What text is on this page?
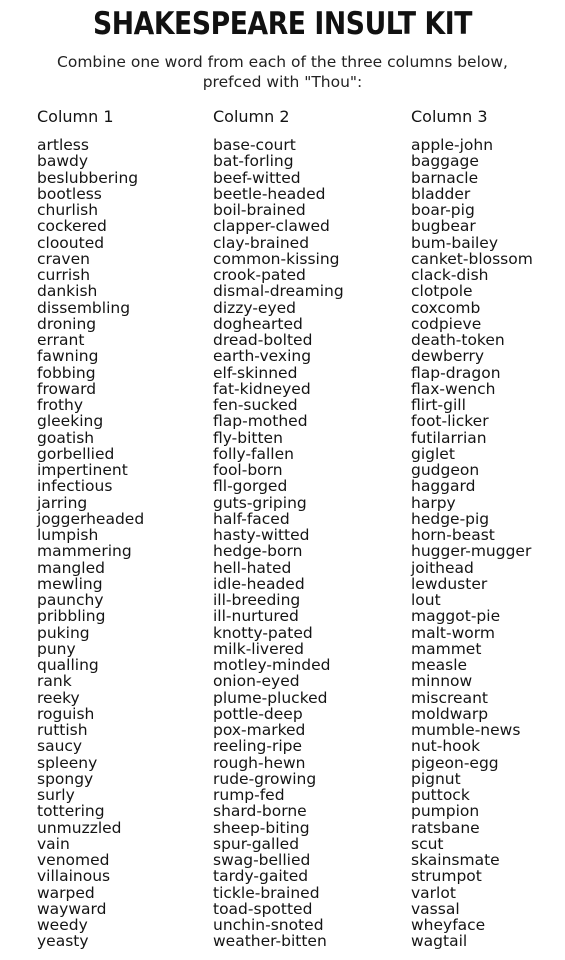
SHAKESPEARE INSULT KIT
Combine one word from each of the three columns below,
prefced with "Thou":
Column 1
artless
bawdy
beslubbering
bootless
churlish
cockered
cloouted
craven
currish
dankish
dissembling
droning
errant
fawning
fobbing
froward
frothy
gleeking
goatish
gorbellied
impertinent
infectious
jarring
joggerheaded
lumpish
mammering
mangled
mewling
paunchy
pribbling
puking
puny
qualling
rank
reeky
roguish
ruttish
saucy
spleeny
spongy
surly
tottering
unmuzzled
vain
venomed
villainous
warped
wayward
weedy
yeasty
Column 2
base-court
bat-forling
beef-witted
beetle-headed
boil-brained
clapper-clawed
clay-brained
common-kissing
crook-pated
dismal-dreaming
dizzy-eyed
doghearted
dread-bolted
earth-vexing
elf-skinned
fat-kidneyed
fen-sucked
flap-mothed
fly-bitten
folly-fallen
fool-born
fll-gorged
guts-griping
half-faced
hasty-witted
hedge-born
hell-hated
idle-headed
ill-breeding
ill-nurtured
knotty-pated
milk-livered
motley-minded
onion-eyed
plume-plucked
pottle-deep
pox-marked
reeling-ripe
rough-hewn
rude-growing
rump-fed
shard-borne
sheep-biting
spur-galled
swag-bellied
tardy-gaited
tickle-brained
toad-spotted
unchin-snoted
weather-bitten
Column 3
apple-john
baggage
barnacle
bladder
boar-pig
bugbear
bum-bailey
canket-blossom
clack-dish
clotpole
coxcomb
codpieve
death-token
dewberry
flap-dragon
flax-wench
flirt-gill
foot-licker
futilarrian
giglet
gudgeon
haggard
harpy
hedge-pig
horn-beast
hugger-mugger
joithead
lewduster
lout
maggot-pie
malt-worm
mammet
measle
minnow
miscreant
moldwarp
mumble-news
nut-hook
pigeon-egg
pignut
puttock
pumpion
ratsbane
scut
skainsmate
strumpot
varlot
vassal
wheyface
wagtail
